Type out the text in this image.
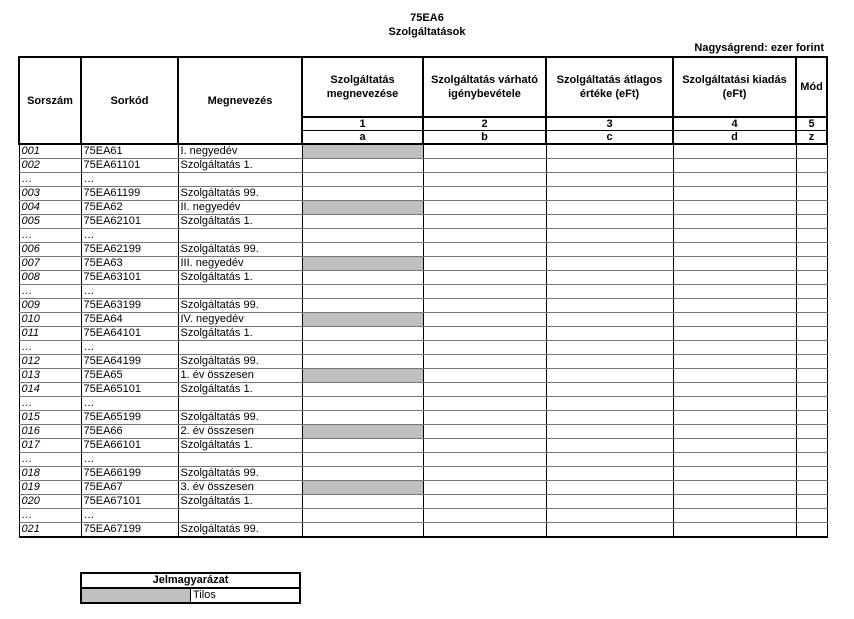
75EA6
Szolgáltatások
Nagyságrend: ezer forint
Sorszám	Sorkód	Megnevezés	Szolgáltatás megnevezése	Szolgáltatás várható igénybevétele	Szolgáltatás átlagos értéke (eFt)	Szolgáltatási kiadás (eFt)	Mód
			1	2	3	4	5
			a	b	c	d	z
001	75EA61	I. negyedév					
002	75EA61101	Szolgáltatás 1.					
…	…						
003	75EA61199	Szolgáltatás 99.					
004	75EA62	II. negyedév					
005	75EA62101	Szolgáltatás 1.					
…	…						
006	75EA62199	Szolgáltatás 99.					
007	75EA63	III. negyedév					
008	75EA63101	Szolgáltatás 1.					
…	…						
009	75EA63199	Szolgáltatás 99.					
010	75EA64	IV. negyedév					
011	75EA64101	Szolgáltatás 1.					
…	…						
012	75EA64199	Szolgáltatás 99.					
013	75EA65	1. év összesen					
014	75EA65101	Szolgáltatás 1.					
…	…						
015	75EA65199	Szolgáltatás 99.					
016	75EA66	2. év összesen					
017	75EA66101	Szolgáltatás 1.					
…	…						
018	75EA66199	Szolgáltatás 99.					
019	75EA67	3. év összesen					
020	75EA67101	Szolgáltatás 1.					
…	…						
021	75EA67199	Szolgáltatás 99.					
Jelmagyarázat
	Tilos
